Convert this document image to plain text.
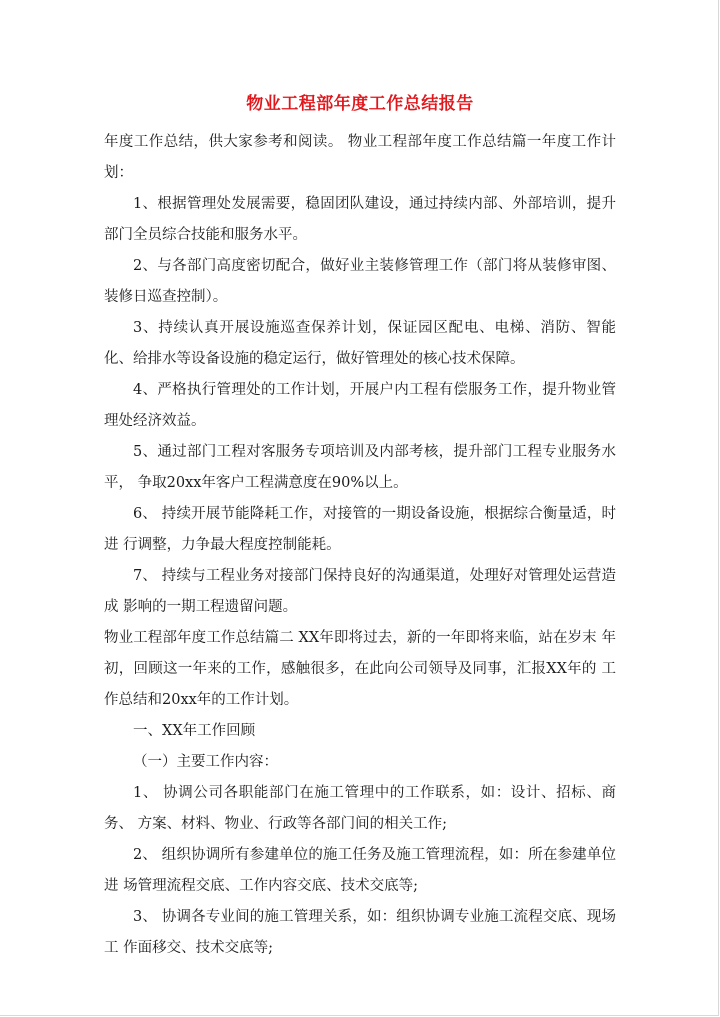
物业工程部年度工作总结报告

年度工作总结，供大家参考和阅读。 物业工程部年度工作总结篇一年度工作计划：

1、根据管理处发展需要，稳固团队建设，通过持续内部、外部培训，提升部门全员综合技能和服务水平。

2、与各部门高度密切配合，做好业主装修管理工作（部门将从装修审图、装修日巡查控制）。

3、持续认真开展设施巡查保养计划，保证园区配电、电梯、消防、智能化、给排水等设备设施的稳定运行，做好管理处的核心技术保障。

4、严格执行管理处的工作计划，开展户内工程有偿服务工作，提升物业管理处经济效益。

5、通过部门工程对客服务专项培训及内部考核，提升部门工程专业服务水平， 争取20xx年客户工程满意度在90%以上。

6、 持续开展节能降耗工作，对接管的一期设备设施，根据综合衡量适，时进 行调整，力争最大程度控制能耗。

7、 持续与工程业务对接部门保持良好的沟通渠道，处理好对管理处运营造成 影响的一期工程遗留问题。

物业工程部年度工作总结篇二 XX年即将过去，新的一年即将来临，站在岁末 年初，回顾这一年来的工作，感触很多，在此向公司领导及同事，汇报XX年的 工作总结和20xx年的工作计划。

一、XX年工作回顾

（一）主要工作内容：

1、 协调公司各职能部门在施工管理中的工作联系，如：设计、招标、商务、 方案、材料、物业、行政等各部门间的相关工作;

2、 组织协调所有参建单位的施工任务及施工管理流程，如：所在参建单位进 场管理流程交底、工作内容交底、技术交底等;

3、 协调各专业间的施工管理关系，如：组织协调专业施工流程交底、现场工 作面移交、技术交底等;
